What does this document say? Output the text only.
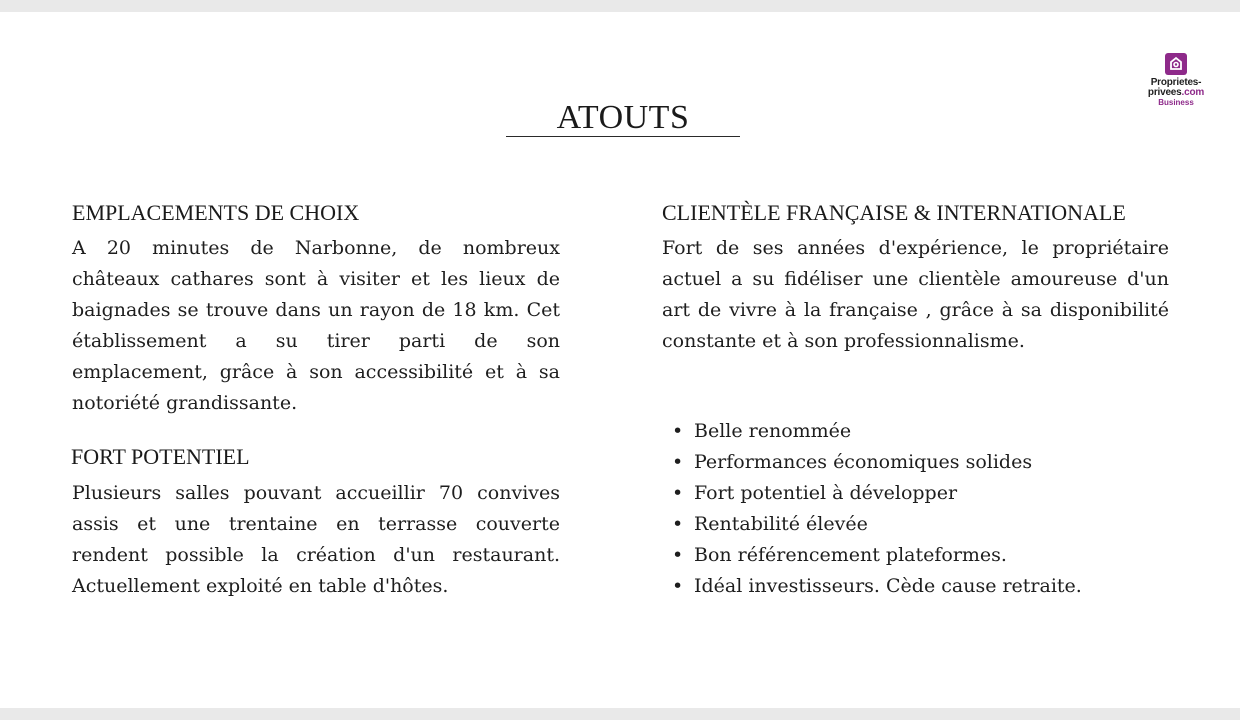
Proprietes-
privees.com
Business
ATOUTS
EMPLACEMENTS DE CHOIX

A 20 minutes de Narbonne, de nombreux châteaux cathares sont à visiter et les lieux de baignades se trouve dans un rayon de 18 km. Cet établissement a su tirer parti de son emplacement, grâce à son accessibilité et à sa notoriété grandissante.

FORT POTENTIEL

Plusieurs salles pouvant accueillir 70 convives assis et une trentaine en terrasse couverte rendent possible la création d'un restaurant. Actuellement exploité en table d'hôtes.

CLIENTÈLE FRANÇAISE & INTERNATIONALE

Fort de ses années d'expérience, le propriétaire actuel a su fidéliser une clientèle amoureuse d'un art de vivre à la française , grâce à sa disponibilité constante et à son professionnalisme.

• Belle renommée
• Performances économiques solides
• Fort potentiel à développer
• Rentabilité élevée
• Bon référencement plateformes.
• Idéal investisseurs. Cède cause retraite.
